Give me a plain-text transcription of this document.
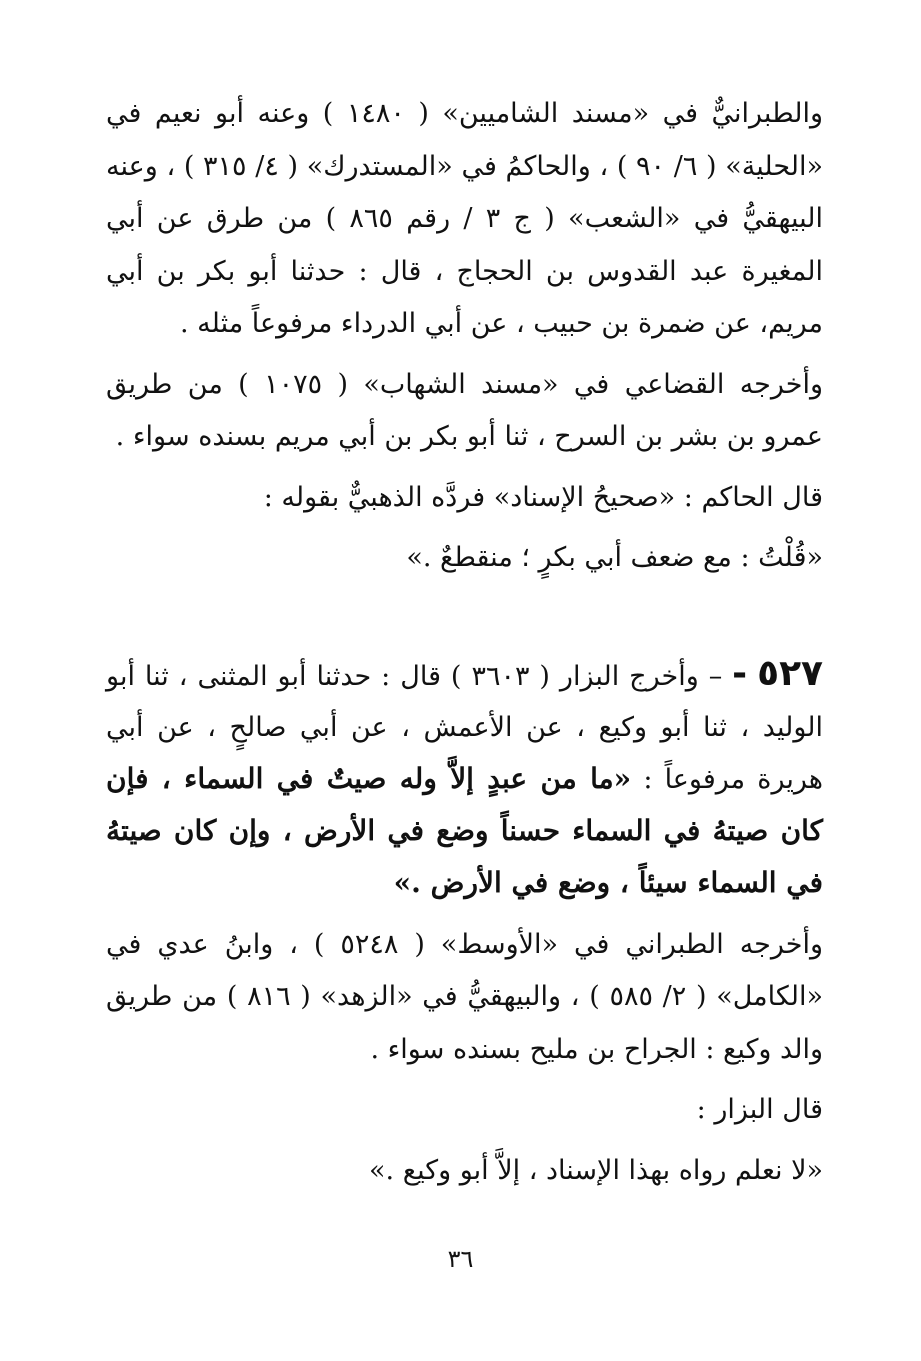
والطبرانيٌّ في «مسند الشاميين» ( ١٤٨٠ ) وعنه أبو نعيم في «الحلية» ( ٦/ ٩٠ ) ، والحاكمُ في «المستدرك» ( ٤/ ٣١٥ ) ، وعنه البيهقيُّ في «الشعب» ( ج ٣ / رقم ٨٦٥ ) من طرق عن أبي المغيرة عبد القدوس بن الحجاج ، قال : حدثنا أبو بكر بن أبي مريم، عن ضمرة بن حبيب ، عن أبي الدرداء مرفوعاً مثله .

وأخرجه القضاعي في «مسند الشهاب» ( ١٠٧٥ ) من طريق عمرو بن بشر بن السرح ، ثنا أبو بكر بن أبي مريم بسنده سواء .

قال الحاكم : «صحيحُ الإسناد» فردَّه الذهبيٌّ بقوله :

«قُلْتُ : مع ضعف أبي بكرٍ ؛ منقطعٌ .»

٥٢٧ - – وأخرج البزار ( ٣٦٠٣ ) قال : حدثنا أبو المثنى ، ثنا أبو الوليد ، ثنا أبو وكيع ، عن الأعمش ، عن أبي صالحٍ ، عن أبي هريرة مرفوعاً : «ما من عبدٍ إلاَّ وله صيتٌ في السماء ، فإن كان صيتهُ في السماء حسناً وضع في الأرض ، وإن كان صيتهُ في السماء سيئاً ، وضع في الأرض .»

وأخرجه الطبراني في «الأوسط» ( ٥٢٤٨ ) ، وابنُ عدي في «الكامل» ( ٢/ ٥٨٥ ) ، والبيهقيُّ في «الزهد» ( ٨١٦ ) من طريق والد وكيع : الجراح بن مليح بسنده سواء .

قال البزار :

«لا نعلم رواه بهذا الإسناد ، إلاَّ أبو وكيع .»

٣٦
